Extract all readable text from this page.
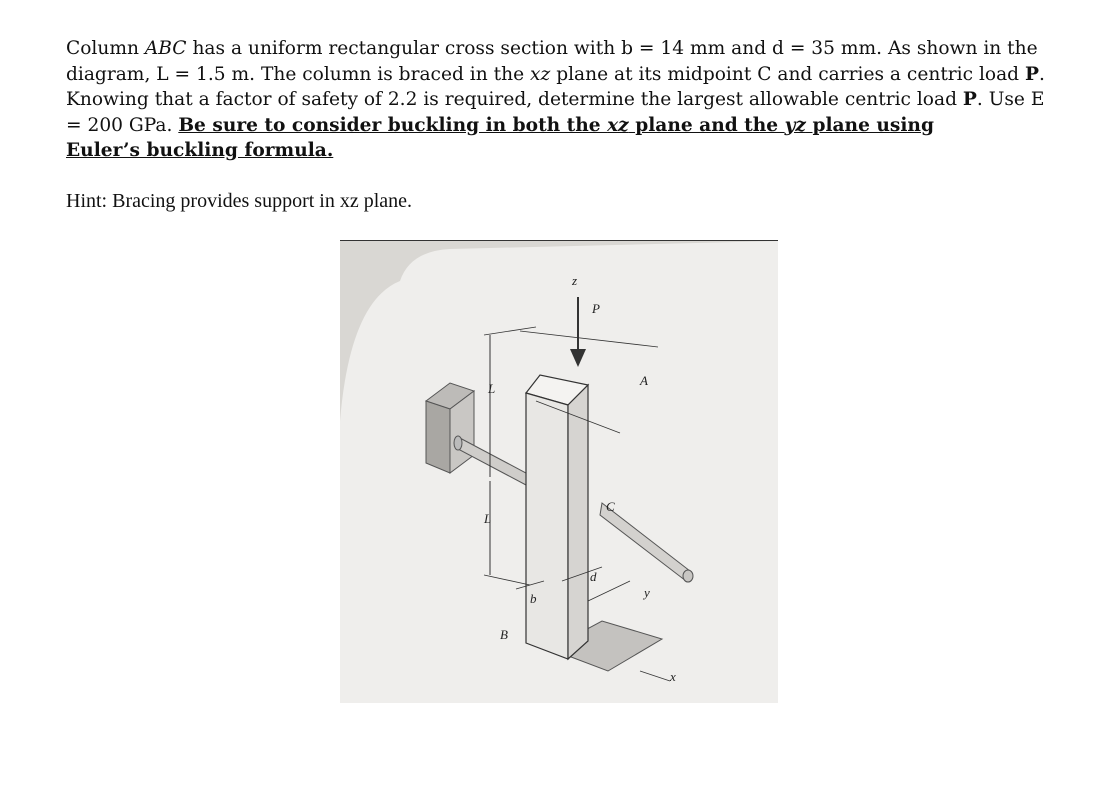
Column ABC has a uniform rectangular cross section with b = 14 mm and d = 35 mm. As shown in the diagram, L = 1.5 m. The column is braced in the xz plane at its midpoint C and carries a centric load P. Knowing that a factor of safety of 2.2 is required, determine the largest allowable centric load P. Use E = 200 GPa. Be sure to consider buckling in both the xz plane and the yz plane using
Euler’s buckling formula.
Hint: Bracing provides support in xz plane.
z
P
A
C
B
L
L
b
d
y
x
